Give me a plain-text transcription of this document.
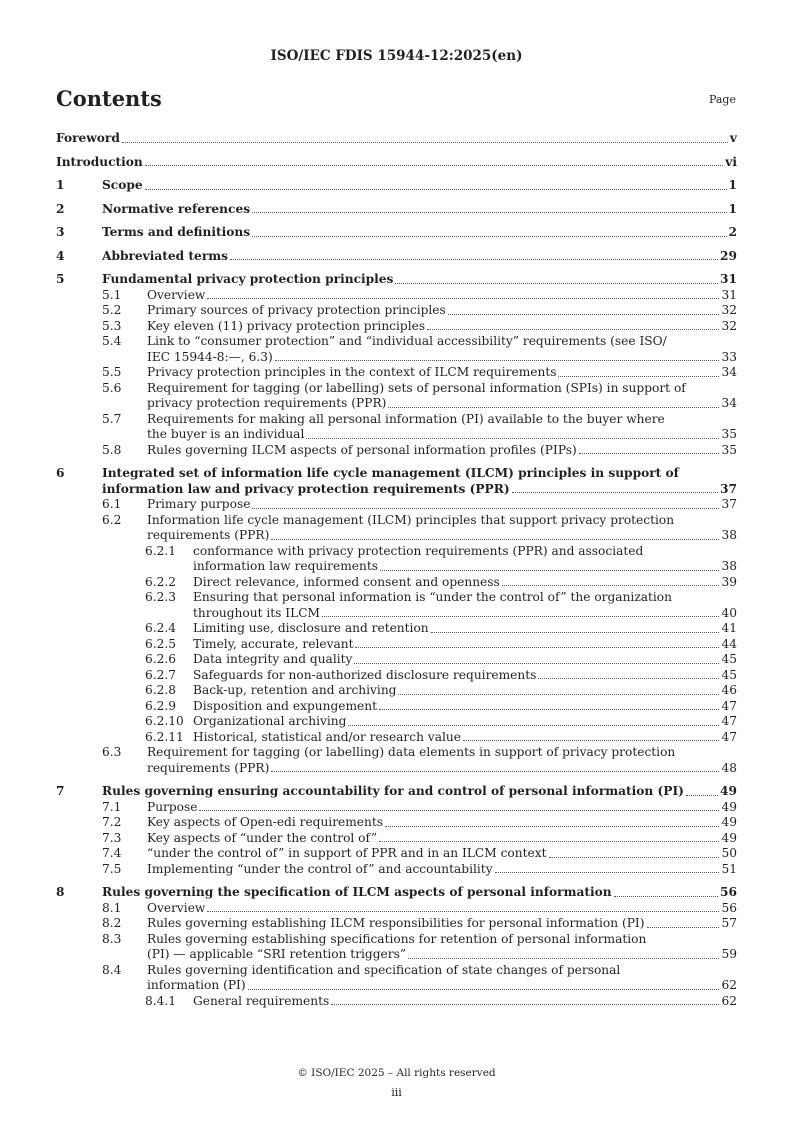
ISO/IEC FDIS 15944-12:2025(en)
Contents	Page
Foreword	v
Introduction	vi
1	Scope	1
2	Normative references	1
3	Terms and definitions	2
4	Abbreviated terms	29
5	Fundamental privacy protection principles	31
5.1 Overview	31
5.2 Primary sources of privacy protection principles	32
5.3 Key eleven (11) privacy protection principles	32
5.4 Link to “consumer protection” and “individual accessibility” requirements (see ISO/
IEC 15944-8:—, 6.3)	33
5.5 Privacy protection principles in the context of ILCM requirements	34
5.6 Requirement for tagging (or labelling) sets of personal information (SPIs) in support of
privacy protection requirements (PPR)	34
5.7 Requirements for making all personal information (PI) available to the buyer where
the buyer is an individual	35
5.8 Rules governing ILCM aspects of personal information profiles (PIPs)	35
6	Integrated set of information life cycle management (ILCM) principles in support of
information law and privacy protection requirements (PPR)	37
6.1 Primary purpose	37
6.2 Information life cycle management (ILCM) principles that support privacy protection
requirements (PPR)	38
6.2.1 conformance with privacy protection requirements (PPR) and associated
information law requirements	38
6.2.2 Direct relevance, informed consent and openness	39
6.2.3 Ensuring that personal information is “under the control of” the organization
throughout its ILCM	40
6.2.4 Limiting use, disclosure and retention	41
6.2.5 Timely, accurate, relevant	44
6.2.6 Data integrity and quality	45
6.2.7 Safeguards for non-authorized disclosure requirements	45
6.2.8 Back-up, retention and archiving	46
6.2.9 Disposition and expungement	47
6.2.10 Organizational archiving	47
6.2.11 Historical, statistical and/or research value	47
6.3 Requirement for tagging (or labelling) data elements in support of privacy protection
requirements (PPR)	48
7	Rules governing ensuring accountability for and control of personal information (PI)	49
7.1 Purpose	49
7.2 Key aspects of Open-edi requirements	49
7.3 Key aspects of “under the control of”	49
7.4 “under the control of” in support of PPR and in an ILCM context	50
7.5 Implementing “under the control of” and accountability	51
8	Rules governing the specification of ILCM aspects of personal information	56
8.1 Overview	56
8.2 Rules governing establishing ILCM responsibilities for personal information (PI)	57
8.3 Rules governing establishing specifications for retention of personal information
(PI) — applicable “SRI retention triggers”	59
8.4 Rules governing identification and specification of state changes of personal
information (PI)	62
8.4.1 General requirements	62
© ISO/IEC 2025 – All rights reserved
iii
